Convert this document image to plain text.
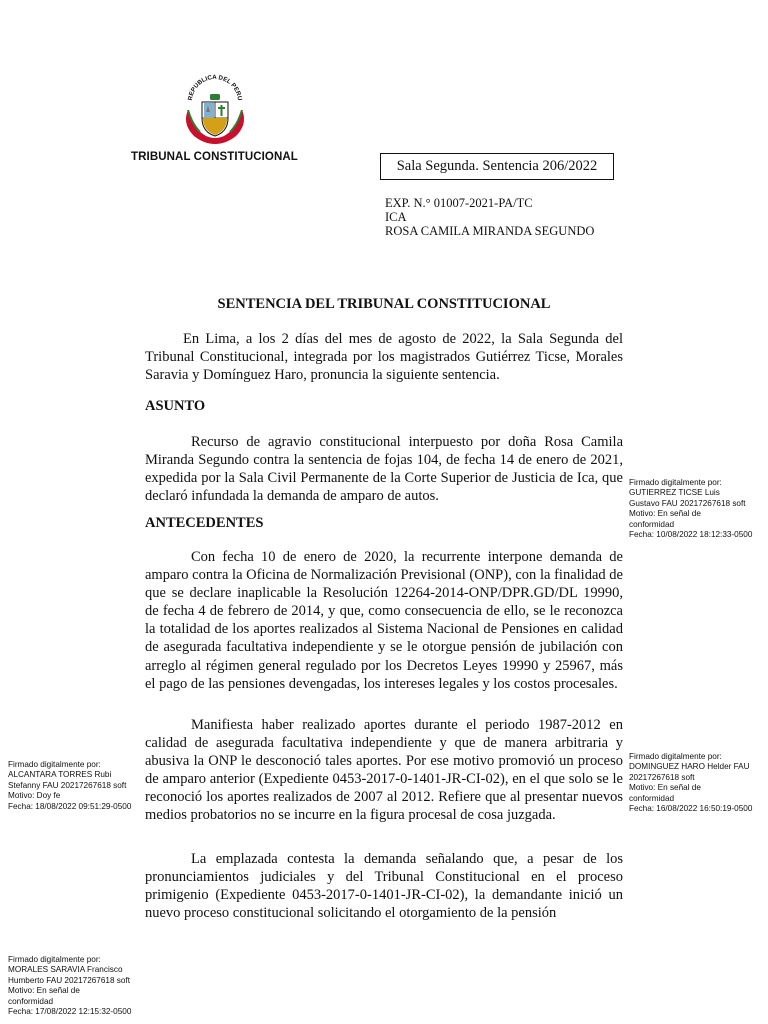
REPUBLICA DEL PERU
TRIBUNAL CONSTITUCIONAL
Sala Segunda. Sentencia 206/2022
EXP. N.° 01007-2021-PA/TC
ICA
ROSA CAMILA MIRANDA SEGUNDO
SENTENCIA DEL TRIBUNAL CONSTITUCIONAL
En Lima, a los 2 días del mes de agosto de 2022, la Sala Segunda del Tribunal Constitucional, integrada por los magistrados Gutiérrez Ticse, Morales Saravia y Domínguez Haro, pronuncia la siguiente sentencia.
ASUNTO
Recurso de agravio constitucional interpuesto por doña Rosa Camila Miranda Segundo contra la sentencia de fojas 104, de fecha 14 de enero de 2021, expedida por la Sala Civil Permanente de la Corte Superior de Justicia de Ica, que declaró infundada la demanda de amparo de autos.
ANTECEDENTES
Con fecha 10 de enero de 2020, la recurrente interpone demanda de amparo contra la Oficina de Normalización Previsional (ONP), con la finalidad de que se declare inaplicable la Resolución 12264-2014-ONP/DPR.GD/DL 19990, de fecha 4 de febrero de 2014, y que, como consecuencia de ello, se le reconozca la totalidad de los aportes realizados al Sistema Nacional de Pensiones en calidad de asegurada facultativa independiente y se le otorgue pensión de jubilación con arreglo al régimen general regulado por los Decretos Leyes 19990 y 25967, más el pago de las pensiones devengadas, los intereses legales y los costos procesales.
Manifiesta haber realizado aportes durante el periodo 1987-2012 en calidad de asegurada facultativa independiente y que de manera arbitraria y abusiva la ONP le desconoció tales aportes. Por ese motivo promovió un proceso de amparo anterior (Expediente 0453-2017-0-1401-JR-CI-02), en el que solo se le reconoció los aportes realizados de 2007 al 2012. Refiere que al presentar nuevos medios probatorios no se incurre en la figura procesal de cosa juzgada.
La emplazada contesta la demanda señalando que, a pesar de los pronunciamientos judiciales y del Tribunal Constitucional en el proceso primigenio (Expediente 0453-2017-0-1401-JR-CI-02), la demandante inició un nuevo proceso constitucional solicitando el otorgamiento de la pensión
Firmado digitalmente por:
GUTIERREZ TICSE Luis
Gustavo FAU 20217267618 soft
Motivo: En señal de
conformidad
Fecha: 10/08/2022 18:12:33-0500
Firmado digitalmente por:
ALCANTARA TORRES Rubi
Stefanny FAU 20217267618 soft
Motivo: Doy fe
Fecha: 18/08/2022 09:51:29-0500
Firmado digitalmente por:
DOMINGUEZ HARO Helder FAU
20217267618 soft
Motivo: En señal de
conformidad
Fecha: 16/08/2022 16:50:19-0500
Firmado digitalmente por:
MORALES SARAVIA Francisco
Humberto FAU 20217267618 soft
Motivo: En señal de
conformidad
Fecha: 17/08/2022 12:15:32-0500
